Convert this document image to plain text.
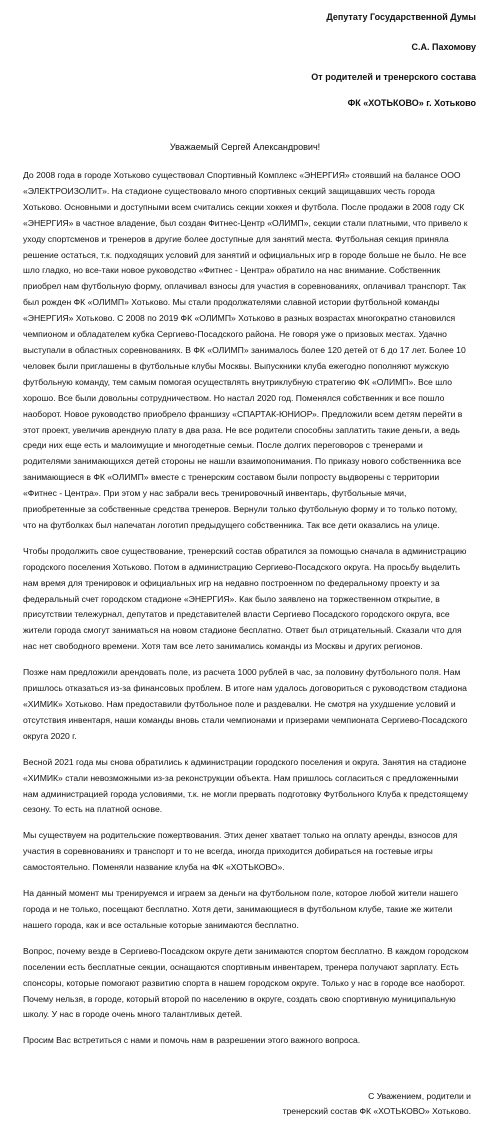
Депутату Государственной Думы
С.А. Пахомову
От родителей и тренерского состава
ФК «ХОТЬКОВО» г. Хотьково
Уважаемый Сергей Александрович!

До 2008 года в городе Хотьково существовал Спортивный Комплекс «ЭНЕРГИЯ» стоявший на балансе ООО «ЭЛЕКТРОИЗОЛИТ». На стадионе существовало много спортивных секций защищавших честь города Хотьково. Основными и доступными всем считались секции хоккея и футбола. После продажи в 2008 году СК «ЭНЕРГИЯ» в частное владение, был создан Фитнес-Центр «ОЛИМП», секции стали платными, что привело к уходу спортсменов и тренеров в другие более доступные для занятий места. Футбольная секция приняла решение остаться, т.к. подходящих условий для занятий и официальных игр в городе больше не было. Не все шло гладко, но все-таки новое руководство «Фитнес - Центра» обратило на нас внимание. Собственник приобрел нам футбольную форму, оплачивал взносы для участия в соревнованиях, оплачивал транспорт. Так был рожден ФК «ОЛИМП» Хотьково. Мы стали продолжателями славной истории футбольной команды «ЭНЕРГИЯ» Хотьково. С 2008 по 2019 ФК «ОЛИМП» Хотьково в разных возрастах многократно становился чемпионом и обладателем кубка Сергиево-Посадского района. Не говоря уже о призовых местах. Удачно выступали в областных соревнованиях. В ФК «ОЛИМП» занималось более 120 детей от 6 до 17 лет. Более 10 человек были приглашены в футбольные клубы Москвы. Выпускники клуба ежегодно пополняют мужскую футбольную команду, тем самым помогая осуществлять внутриклубную стратегию ФК «ОЛИМП». Все шло хорошо. Все были довольны сотрудничеством. Но настал 2020 год. Поменялся собственник и все пошло наоборот. Новое руководство приобрело франшизу «СПАРТАК-ЮНИОР». Предложили всем детям перейти в этот проект, увеличив арендную плату в два раза. Не все родители способны заплатить такие деньги, а ведь среди них еще есть и малоимущие и многодетные семьи. После долгих переговоров с тренерами и родителями занимающихся детей стороны не нашли взаимопонимания. По приказу нового собственника все занимающиеся в ФК «ОЛИМП» вместе с тренерским составом были попросту выдворены с территории «Фитнес - Центра». При этом у нас забрали весь тренировочный инвентарь, футбольные мячи, приобретенные за собственные средства тренеров. Вернули только футбольную форму и то только потому, что на футболках был напечатан логотип предыдущего собственника. Так все дети оказались на улице.

Чтобы продолжить свое существование, тренерский состав обратился за помощью сначала в администрацию городского поселения Хотьково. Потом в администрацию Сергиево-Посадского округа. На просьбу выделить нам время для тренировок и официальных игр на недавно построенном по федеральному проекту и за федеральный счет городском стадионе «ЭНЕРГИЯ». Как было заявлено на торжественном открытие, в присутствии тележурнал, депутатов и представителей власти Сергиево Посадского городского округа, все жители города смогут заниматься на новом стадионе бесплатно. Ответ был отрицательный. Сказали что для нас нет свободного времени. Хотя там все лето занимались команды из Москвы и других регионов.

Позже нам предложили арендовать поле, из расчета 1000 рублей в час, за половину футбольного поля. Нам пришлось отказаться из-за финансовых проблем. В итоге нам удалось договориться с руководством стадиона «ХИМИК» Хотьково. Нам предоставили футбольное поле и раздевалки. Не смотря на ухудшение условий и отсутствия инвентаря, наши команды вновь стали чемпионами и призерами чемпионата Сергиево-Посадского округа 2020 г.

Весной 2021 года мы снова обратились к администрации городского поселения и округа. Занятия на стадионе «ХИМИК» стали невозможными из-за реконструкции объекта. Нам пришлось согласиться с предложенными нам администрацией города условиями, т.к. не могли прервать подготовку Футбольного Клуба к предстоящему сезону. То есть на платной основе.

Мы существуем на родительские пожертвования. Этих денег хватает только на оплату аренды, взносов для участия в соревнованиях и транспорт и то не всегда, иногда приходится добираться на гостевые игры самостоятельно. Поменяли название клуба на ФК «ХОТЬКОВО».

На данный момент мы тренируемся и играем за деньги на футбольном поле, которое любой жители нашего города и не только, посещают бесплатно. Хотя дети, занимающиеся в футбольном клубе, такие же жители нашего города, как и все остальные которые занимаются бесплатно.

Вопрос, почему везде в Сергиево-Посадском округе дети занимаются спортом бесплатно. В каждом городском поселении есть бесплатные секции, оснащаются спортивным инвентарем, тренера получают зарплату. Есть спонсоры, которые помогают развитию спорта в нашем городском округе. Только у нас в городе все наоборот. Почему нельзя, в городе, который второй по населению в округе, создать свою спортивную муниципальную школу. У нас в городе очень много талантливых детей.

Просим Вас встретиться с нами и помочь нам в разрешении этого важного вопроса.

С Уважением, родители и
тренерский состав ФК «ХОТЬКОВО» Хотьково.
